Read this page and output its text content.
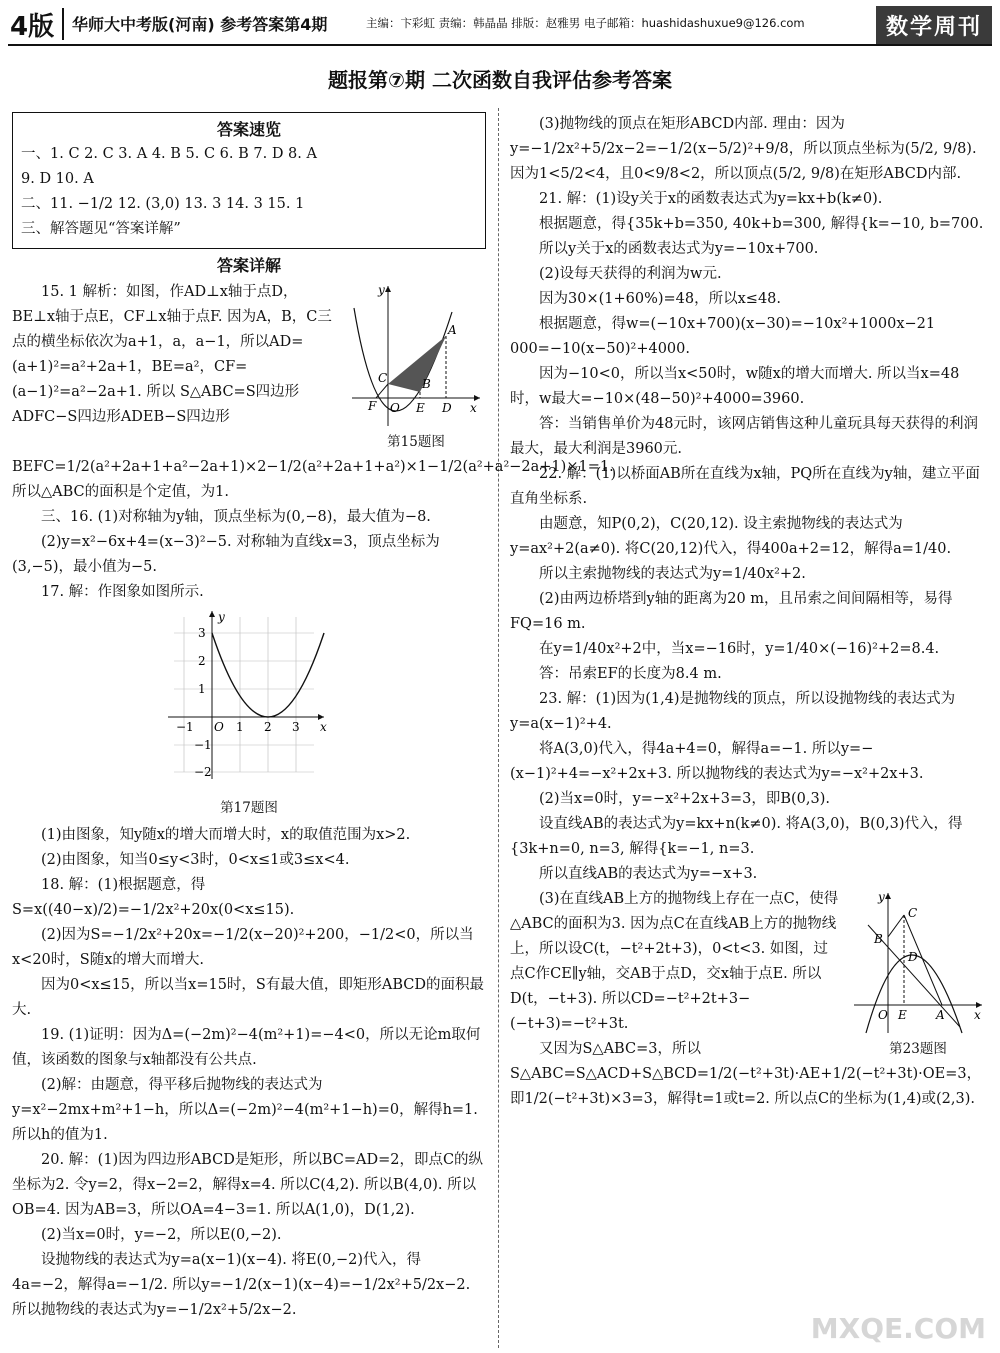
4版 华师大中考版(河南) 参考答案第4期	主编：卞彩虹 责编：韩晶晶 排版：赵雅男 电子邮箱：huashidashuxue9@126.com	数学周刊
题报第⑦期 二次函数自我评估参考答案
答案速览
一、1. C 2. C 3. A 4. B 5. C 6. B 7. D 8. A
9. D 10. A
二、11. −1/2 12. (3,0) 13. 3 14. 3 15. 1
三、解答题见“答案详解”
答案详解
y
A
B
C
F O E D x
第15题图
15. 1 解析：如图，作AD⊥x轴于点D，BE⊥x轴于点E，CF⊥x轴于点F. 因为A，B，C三点的横坐标依次为a+1，a，a−1，所以AD=(a+1)²=a²+2a+1，BE=a²，CF=(a−1)²=a²−2a+1. 所以 S△ABC=S四边形ADFC−S四边形ADEB−S四边形BEFC=1/2(a²+2a+1+a²−2a+1)×2−1/2(a²+2a+1+a²)×1−1/2(a²+a²−2a+1)×1=1. 所以△ABC的面积是个定值，为1.
三、16. (1)对称轴为y轴，顶点坐标为(0,−8)，最大值为−8.
(2)y=x²−6x+4=(x−3)²−5. 对称轴为直线x=3，顶点坐标为(3,−5)，最小值为−5.
17. 解：作图象如图所示.
y
x
3
2
1
−1
−2
−1 O 1 2 3
第17题图
(1)由图象，知y随x的增大而增大时，x的取值范围为x>2.
(2)由图象，知当0≤y<3时，0<x≤1或3≤x<4.
18. 解：(1)根据题意，得S=x((40−x)/2)=−1/2x²+20x(0<x≤15).
(2)因为S=−1/2x²+20x=−1/2(x−20)²+200，−1/2<0，所以当x<20时，S随x的增大而增大.
因为0<x≤15，所以当x=15时，S有最大值，即矩形ABCD的面积最大.
19. (1)证明：因为Δ=(−2m)²−4(m²+1)=−4<0，所以无论m取何值，该函数的图象与x轴都没有公共点.
(2)解：由题意，得平移后抛物线的表达式为y=x²−2mx+m²+1−h，所以Δ=(−2m)²−4(m²+1−h)=0，解得h=1. 所以h的值为1.
20. 解：(1)因为四边形ABCD是矩形，所以BC=AD=2，即点C的纵坐标为2. 令y=2，得x−2=2，解得x=4. 所以C(4,2). 所以B(4,0). 所以OB=4. 因为AB=3，所以OA=4−3=1. 所以A(1,0)，D(1,2).
(2)当x=0时，y=−2，所以E(0,−2).
设抛物线的表达式为y=a(x−1)(x−4). 将E(0,−2)代入，得4a=−2，解得a=−1/2. 所以y=−1/2(x−1)(x−4)=−1/2x²+5/2x−2. 所以抛物线的表达式为y=−1/2x²+5/2x−2.
(3)抛物线的顶点在矩形ABCD内部. 理由：因为y=−1/2x²+5/2x−2=−1/2(x−5/2)²+9/8，所以顶点坐标为(5/2, 9/8). 因为1<5/2<4，且0<9/8<2，所以顶点(5/2, 9/8)在矩形ABCD内部.
21. 解：(1)设y关于x的函数表达式为y=kx+b(k≠0).
根据题意，得{35k+b=350, 40k+b=300, 解得{k=−10, b=700.
所以y关于x的函数表达式为y=−10x+700.
(2)设每天获得的利润为w元.
因为30×(1+60%)=48，所以x≤48.
根据题意，得w=(−10x+700)(x−30)=−10x²+1000x−21 000=−10(x−50)²+4000.
因为−10<0，所以当x<50时，w随x的增大而增大. 所以当x=48时，w最大=−10×(48−50)²+4000=3960.
答：当销售单价为48元时，该网店销售这种儿童玩具每天获得的利润最大，最大利润是3960元.
22. 解：(1)以桥面AB所在直线为x轴，PQ所在直线为y轴，建立平面直角坐标系.
由题意，知P(0,2)，C(20,12). 设主索抛物线的表达式为y=ax²+2(a≠0). 将C(20,12)代入，得400a+2=12，解得a=1/40.
所以主索抛物线的表达式为y=1/40x²+2.
(2)由两边桥塔到y轴的距离为20 m，且吊索之间间隔相等，易得FQ=16 m.
在y=1/40x²+2中，当x=−16时，y=1/40×(−16)²+2=8.4.
答：吊索EF的长度为8.4 m.
23. 解：(1)因为(1,4)是抛物线的顶点，所以设抛物线的表达式为y=a(x−1)²+4.
将A(3,0)代入，得4a+4=0，解得a=−1. 所以y=−(x−1)²+4=−x²+2x+3. 所以抛物线的表达式为y=−x²+2x+3.
(2)当x=0时，y=−x²+2x+3=3，即B(0,3).
设直线AB的表达式为y=kx+n(k≠0). 将A(3,0)，B(0,3)代入，得{3k+n=0, n=3, 解得{k=−1, n=3.
所以直线AB的表达式为y=−x+3.
y
C
B
D
O E A x
第23题图
(3)在直线AB上方的抛物线上存在一点C，使得△ABC的面积为3. 因为点C在直线AB上方的抛物线上，所以设C(t，−t²+2t+3)，0<t<3. 如图，过点C作CE∥y轴，交AB于点D，交x轴于点E. 所以D(t，−t+3). 所以CD=−t²+2t+3−(−t+3)=−t²+3t.
又因为S△ABC=3，所以S△ABC=S△ACD+S△BCD=1/2(−t²+3t)·AE+1/2(−t²+3t)·OE=3，即1/2(−t²+3t)×3=3，解得t=1或t=2. 所以点C的坐标为(1,4)或(2,3).
MXQE.COM
